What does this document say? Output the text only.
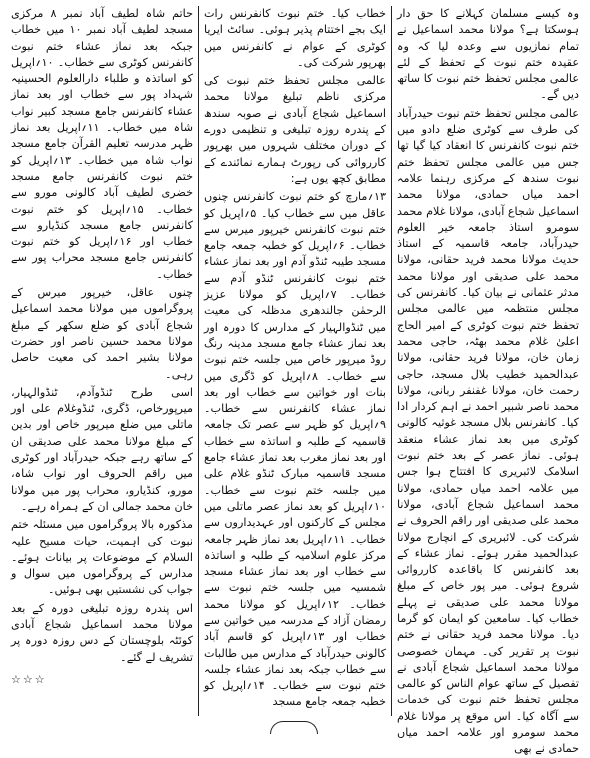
حاتم شاہ لطیف آباد نمبر ۸ مرکزی مسجد لطیف آباد نمبر ۱۰ میں خطاب جبکہ بعد نماز عشاء ختم نبوت کانفرنس کوٹری سے خطاب۔ ۱۰؍اپریل کو اساتذہ و طلباء دارالعلوم الحسینیہ شہداد پور سے خطاب اور بعد نماز عشاء کانفرنس جامع مسجد کبیر نواب شاہ میں خطاب۔ ۱۱؍اپریل بعد نماز ظہر مدرسہ تعلیم القرآن جامع مسجد نواب شاہ میں خطاب۔ ۱۳؍اپریل کو ختم نبوت کانفرنس جامع مسجد خضری لطیف آباد کالونی مورو سے خطاب۔ ۱۵؍اپریل کو ختم نبوت کانفرنس جامع مسجد کنڈیارو سے خطاب اور ۱۶؍اپریل کو ختم نبوت کانفرنس جامع مسجد محراب پور سے خطاب۔

چنوں عاقل، خیرپور میرس کے پروگراموں میں مولانا محمد اسماعیل شجاع آبادی کو ضلع سکھر کے مبلغ مولانا محمد حسین ناصر اور حضرت مولانا بشیر احمد کی معیت حاصل رہی۔

اسی طرح ٹنڈوآدم، ٹنڈوالہیار، میرپورخاص، ڈگری، ٹنڈوغلام علی اور ماتلی میں ضلع میرپور خاص اور بدین کے مبلغ مولانا محمد علی صدیقی ان کے ساتھ رہے جبکہ حیدرآباد اور کوٹری میں راقم الحروف اور نواب شاہ، مورو، کنڈیارو، محراب پور میں مولانا خان محمد جمالی ان کے ہمراہ رہے۔

مذکورہ بالا پروگراموں میں مسئلہ ختم نبوت کی اہمیت، حیات مسیح علیہ السلام کے موضوعات پر بیانات ہوئے۔ مدارس کے پروگراموں میں سوال و جواب کی نشستیں بھی ہوئیں۔

اس پندرہ روزہ تبلیغی دورہ کے بعد مولانا محمد اسماعیل شجاع آبادی کوئٹہ بلوچستان کے دس روزہ دورہ پر تشریف لے گئے۔

☆☆☆

خطاب کیا۔ ختم نبوت کانفرنس رات ایک بجے اختتام پذیر ہوئی۔ سائٹ ایریا کوٹری کے عوام نے کانفرنس میں بھرپور شرکت کی۔

عالمی مجلس تحفظ ختم نبوت کی مرکزی ناظم تبلیغ مولانا محمد اسماعیل شجاع آبادی نے صوبہ سندھ کے پندرہ روزہ تبلیغی و تنظیمی دورے کے دوران مختلف شہروں میں بھرپور کارروائی کی رپورٹ ہمارے نمائندے کے مطابق کچھ یوں ہے:

۱۳؍مارچ کو ختم نبوت کانفرنس چنوں عاقل میں سے خطاب کیا۔ ۵؍اپریل کو ختم نبوت کانفرنس خیرپور میرس سے خطاب۔ ۶؍اپریل کو خطبہ جمعہ جامع مسجد طیبہ ٹنڈو آدم اور بعد نماز عشاء ختم نبوت کانفرنس ٹنڈو آدم سے خطاب۔ ۷؍اپریل کو مولانا عزیز الرحمٰن جالندھری مدظلہ کی معیت میں ٹنڈوالہیار کے مدارس کا دورہ اور بعد نماز عشاء جامع مسجد مدینہ رنگ روڈ میرپور خاص میں جلسہ ختم نبوت سے خطاب۔ ۸؍اپریل کو ڈگری میں بنات اور خواتین سے خطاب اور بعد نماز عشاء کانفرنس سے خطاب۔ ۹؍اپریل کو ظہر سے عصر تک جامعہ قاسمیہ کے طلبہ و اساتذہ سے خطاب اور بعد نماز مغرب بعد نماز عشاء جامع مسجد قاسمیہ مبارک ٹنڈو غلام علی میں جلسہ ختم نبوت سے خطاب۔ ۱۰؍اپریل کو بعد نماز عصر ماتلی میں مجلس کے کارکنوں اور عہدیداروں سے خطاب۔ ۱۱؍اپریل بعد نماز ظہر جامعہ مرکز علوم اسلامیہ کے طلبہ و اساتذہ سے خطاب اور بعد نماز عشاء مسجد شمسیہ میں جلسہ ختم نبوت سے خطاب۔ ۱۲؍اپریل کو مولانا محمد رمضان آزاد کے مدرسہ میں خواتین سے خطاب اور ۱۳؍اپریل کو قاسم آباد کالونی حیدرآباد کے مدارس میں طالبات سے خطاب جبکہ بعد نماز عشاء جلسہ ختم نبوت سے خطاب۔ ۱۴؍اپریل کو خطبہ جمعہ جامع مسجد

وہ کیسے مسلمان کہلانے کا حق دار ہوسکتا ہے؟ مولانا محمد اسماعیل نے تمام نمازیوں سے وعدہ لیا کہ وہ عقیدہ ختم نبوت کے تحفظ کے لئے عالمی مجلس تحفظ ختم نبوت کا ساتھ دیں گے۔

عالمی مجلس تحفظ ختم نبوت حیدرآباد کی طرف سے کوٹری ضلع دادو میں ختم نبوت کانفرنس کا انعقاد کیا گیا تھا جس میں عالمی مجلس تحفظ ختم نبوت سندھ کے مرکزی رہنما علامہ احمد میاں حمادی، مولانا محمد اسماعیل شجاع آبادی، مولانا غلام محمد سومرو استاذ جامعہ خیر العلوم حیدرآباد، جامعہ قاسمیہ کے استاذ حدیث مولانا محمد فرید حقانی، مولانا محمد علی صدیقی اور مولانا محمد مدثر عثمانی نے بیان کیا۔ کانفرنس کی مجلس منتظمہ میں عالمی مجلس تحفظ ختم نبوت کوٹری کے امیر الحاج اعلیٰ غلام محمد بھٹہ، حاجی محمد زمان خان، مولانا فرید حقانی، مولانا عبدالحمید خطیب بلال مسجد، حاجی رحمت خان، مولانا غفنفر ربانی، مولانا محمد ناصر شبیر احمد نے اہم کردار ادا کیا۔ کانفرنس بلال مسجد غوثیہ کالونی کوٹری میں بعد نماز عشاء منعقد ہوئی۔ نماز عصر کے بعد ختم نبوت اسلامک لائبریری کا افتتاح ہوا جس میں علامہ احمد میاں حمادی، مولانا محمد اسماعیل شجاع آبادی، مولانا محمد علی صدیقی اور راقم الحروف نے شرکت کی۔ لائبریری کے انچارج مولانا عبدالحمید مقرر ہوئے۔ نماز عشاء کے بعد کانفرنس کا باقاعدہ کارروائی شروع ہوئی۔ میر پور خاص کے مبلغ مولانا محمد علی صدیقی نے پہلے خطاب کیا۔ سامعین کو ایمان کو گرما دیا۔ مولانا محمد فرید حقانی نے ختم نبوت پر تقریر کی۔ مہمان خصوصی مولانا محمد اسماعیل شجاع آبادی نے تفصیل کے ساتھ عوام الناس کو عالمی مجلس تحفظ ختم نبوت کی خدمات سے آگاہ کیا۔ اس موقع پر مولانا غلام محمد سومرو اور علامہ احمد میاں حمادی نے بھی
